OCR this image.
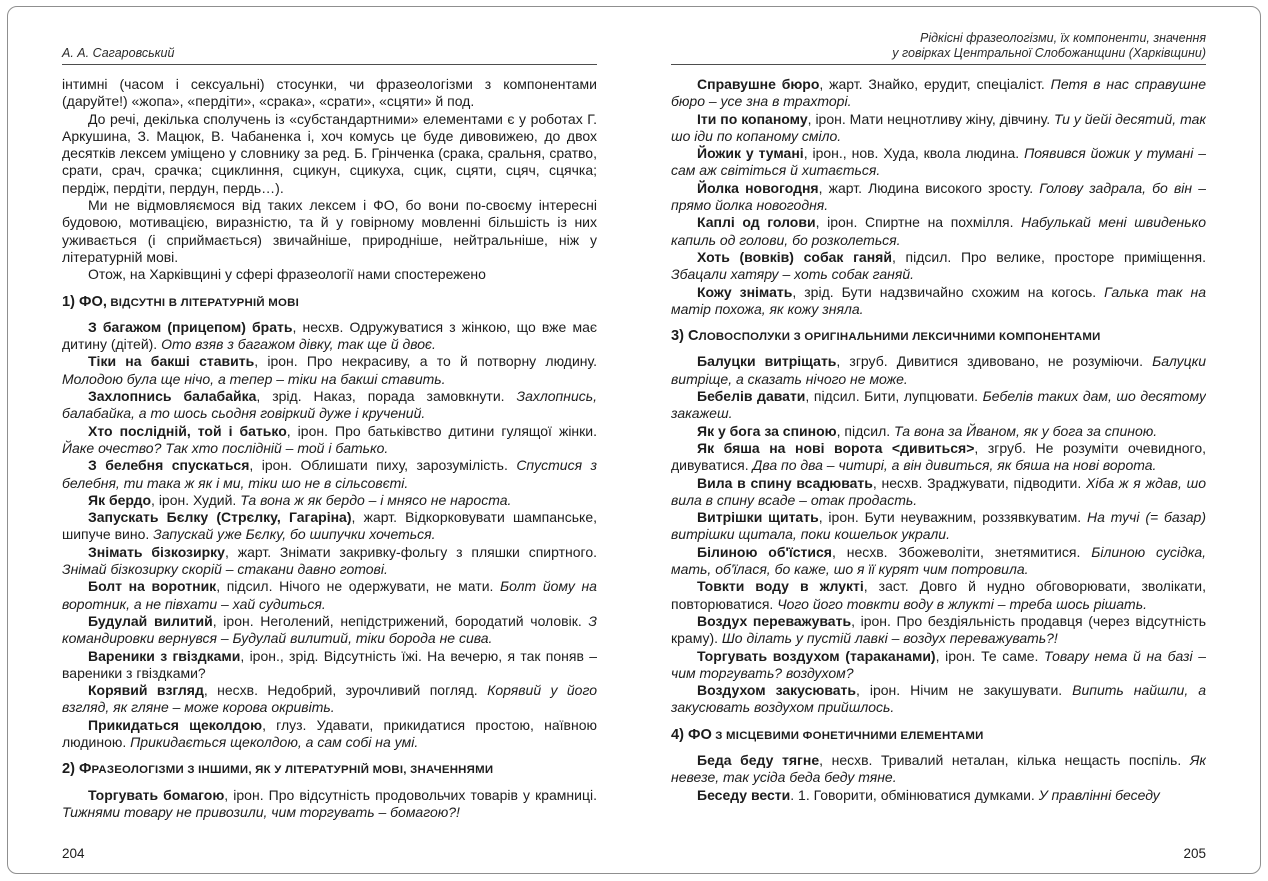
А. А. Сагаровський

інтимні (часом і сексуальні) стосунки, чи фразеологізми з компонентами (даруйте!) «жопа», «пердіти», «срака», «срати», «сцяти» й под.

До речі, декілька сполучень із «субстандартними» елементами є у роботах Г. Аркушина, З. Мацюк, В. Чабаненка і, хоч комусь це буде дивовижею, до двох десятків лексем уміщено у словнику за ред. Б. Грінченка (срака, сральня, сратво, срати, срач, срачка; сциклиння, сцикун, сцикуха, сцик, сцяти, сцяч, сцячка; пердіж, пердіти, пердун, пердь…).

Ми не відмовляємося від таких лексем і ФО, бо вони по-своєму інтересні будовою, мотивацією, виразністю, та й у говірному мовленні більшість із них уживається (і сприймається) звичайніше, природніше, нейтральніше, ніж у літературній мові.

Отож, на Харківщині у сфері фразеології нами спостережено

1) ФО, ВІДСУТНІ В ЛІТЕРАТУРНІЙ МОВІ

З багажом (прицепом) брать, несхв. Одружуватися з жінкою, що вже має дитину (дітей). Ото взяв з багажом дівку, так ще й двоє.

Тіки на бакші ставить, ірон. Про некрасиву, а то й потворну людину. Молодою була ще нічо, а тепер – тіки на бакші ставить.

Захлопнись балабайка, зрід. Наказ, порада замовкнути. Захлопнись, балабайка, а то шось сьодня говіркий дуже і кручений.

Хто послідній, той і батько, ірон. Про батьківство дитини гулящої жінки. Йаке очество? Так хто послідній – той і батько.

З белебня спускаться, ірон. Облишати пиху, зарозумілість. Спустися з белебня, ти така ж як і ми, тіки шо не в сільсовєті.

Як бердо, ірон. Худий. Та вона ж як бердо – і мнясо не нароста.

Запускать Бєлку (Стрєлку, Гагаріна), жарт. Відкорковувати шампанське, шипуче вино. Запускай уже Бєлку, бо шипучки хочеться.

Знімать бізкозирку, жарт. Знімати закривку-фольгу з пляшки спиртного. Знімай бізкозирку скорій – стакани давно готові.

Болт на воротник, підсил. Нічого не одержувати, не мати. Болт йому на воротник, а не півхати – хай судиться.

Будулай вилитий, ірон. Неголений, непідстрижений, бородатий чоловік. З командировки вернувся – Будулай вилитий, тіки борода не сива.

Вареники з гвіздками, ірон., зрід. Відсутність їжі. На вечерю, я так поняв – вареники з гвіздками?

Корявий взгляд, несхв. Недобрий, зурочливий погляд. Корявий у його взгляд, як гляне – може корова окривіть.

Прикидаться щеколдою, глуз. Удавати, прикидатися простою, наївною людиною. Прикидається щеколдою, а сам собі на умі.

2) ФРАЗЕОЛОГІЗМИ З ІНШИМИ, ЯК У ЛІТЕРАТУРНІЙ МОВІ, ЗНАЧЕННЯМИ

Торгувать бомагою, ірон. Про відсутність продовольчих товарів у крамниці. Тижнями товару не привозили, чим торгувать – бомагою?!

204
Рідкісні фразеологізми, їх компоненти, значення
у говірках Центральної Слобожанщини (Харківщини)

Справушне бюро, жарт. Знайко, ерудит, спеціаліст. Петя в нас справушне бюро – усе зна в трахторі.

Іти по копаному, ірон. Мати нецнотливу жіну, дівчину. Ти у йейі десятий, так шо іди по копаному сміло.

Йожик у тумані, ірон., нов. Худа, квола людина. Появився йожик у тумані – сам аж світіться й хитається.

Йолка новогодня, жарт. Людина високого зросту. Голову задрала, бо він – прямо йолка новогодня.

Каплі од голови, ірон. Спиртне на похмілля. Набулькай мені швиденько капиль од голови, бо розколеться.

Хоть (вовків) собак ганяй, підсил. Про велике, просторе приміщення. Збацали хатяру – хоть собак ганяй.

Кожу знімать, зрід. Бути надзвичайно схожим на когось. Галька так на матір похожа, як кожу зняла.

3) СЛОВОСПОЛУКИ З ОРИГІНАЛЬНИМИ ЛЕКСИЧНИМИ КОМПОНЕНТАМИ

Балуцки витріщать, згруб. Дивитися здивовано, не розуміючи. Балуцки витріще, а сказать нічого не може.

Бебелів давати, підсил. Бити, лупцювати. Бебелів таких дам, шо десятому закажеш.

Як у бога за спиною, підсил. Та вона за Йваном, як у бога за спиною.

Як бяша на нові ворота <дивиться>, згруб. Не розуміти очевидного, дивуватися. Два по два – читирі, а він дивиться, як бяша на нові ворота.

Вила в спину всадювать, несхв. Зраджувати, підводити. Хіба ж я ждав, шо вила в спину всаде – отак продасть.

Витрішки щитать, ірон. Бути неуважним, роззявкуватим. На тучі (= базар) витрішки щитала, поки кошельок украли.

Білиною об'їстися, несхв. Збожеволіти, знетямитися. Білиною сусідка, мать, об'їлася, бо каже, шо я її курят чим потровила.

Товкти воду в жлукті, заст. Довго й нудно обговорювати, зволікати, повторюватися. Чого його товкти воду в жлукті – треба шось рішать.

Воздух переважувать, ірон. Про бездіяльність продавця (через відсутність краму). Шо ділать у пустій лавкі – воздух переважувать?!

Торгувать воздухом (тараканами), ірон. Те саме. Товару нема й на базі – чим торгувать? воздухом?

Воздухом закусювать, ірон. Нічим не закушувати. Випить найшли, а закусювать воздухом прийшлось.

4) ФО З МІСЦЕВИМИ ФОНЕТИЧНИМИ ЕЛЕМЕНТАМИ

Беда беду тягне, несхв. Тривалий неталан, кілька нещасть поспіль. Як невезе, так усіда беда беду тяне.

Беседу вести. 1. Говорити, обмінюватися думками. У правлінні беседу

205
